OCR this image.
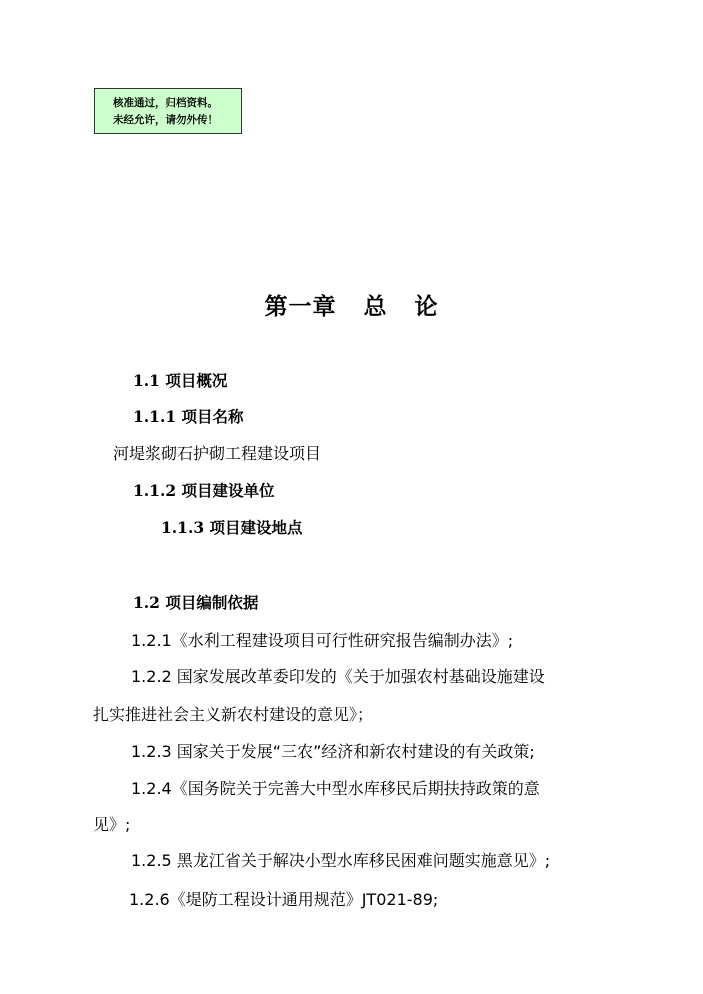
核准通过，归档资料。
未经允许，请勿外传！
第一章   总   论
1.1 项目概况
1.1.1 项目名称
河堤浆砌石护砌工程建设项目
1.1.2 项目建设单位
1.1.3 项目建设地点
1.2 项目编制依据
1.2.1《水利工程建设项目可行性研究报告编制办法》;
1.2.2 国家发展改革委印发的《关于加强农村基础设施建设
扎实推进社会主义新农村建设的意见》；
1.2.3 国家关于发展“三农”经济和新农村建设的有关政策;
1.2.4《国务院关于完善大中型水库移民后期扶持政策的意
见》;
1.2.5 黑龙江省关于解决小型水库移民困难问题实施意见》;
1.2.6《堤防工程设计通用规范》JT021-89;
